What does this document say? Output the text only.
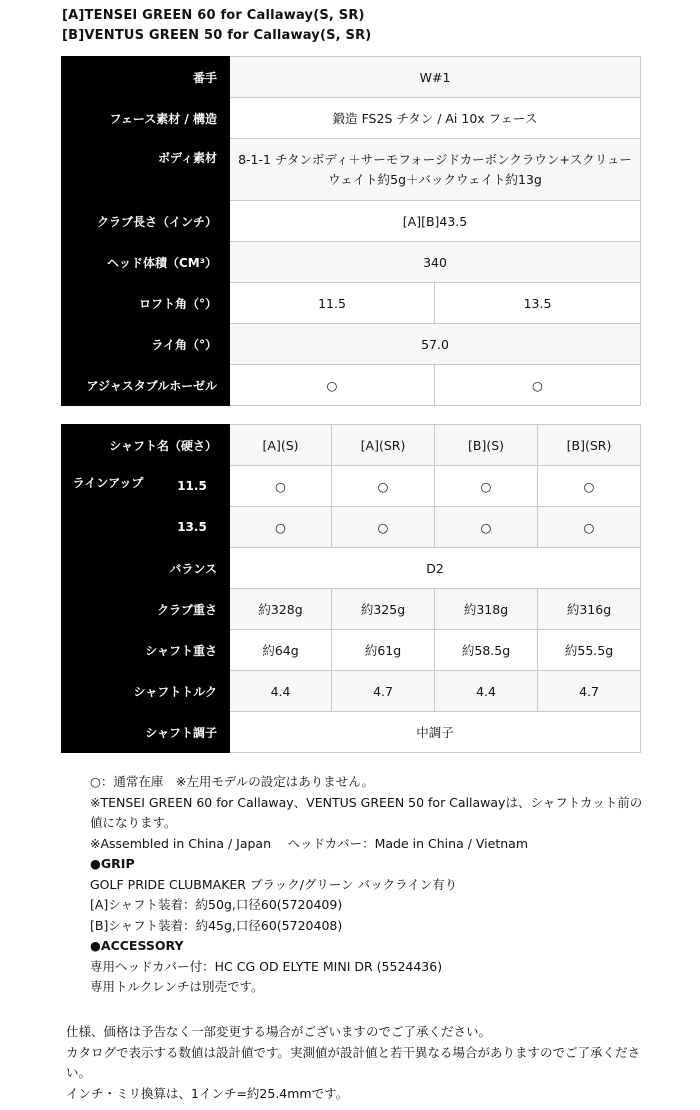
[A]TENSEI GREEN 60 for Callaway(S, SR)
[B]VENTUS GREEN 50 for Callaway(S, SR)
番手	W#1	
フェース素材 / 構造	鍛造 FS2S チタン / Ai 10x フェース	
ボディ素材	8-1-1 チタンボディ＋サーモフォージドカーボンクラウン+スクリューウェイト約5g＋バックウェイト約13g	
クラブ長さ（インチ）	[A][B]43.5	
ヘッド体積（CM³）	340	
ロフト角（°）	11.5	13.5
ライ角（°）	57.0	
アジャスタブルホーゼル	○	○
シャフト名（硬さ）		[A](S)	[A](SR)	[B](S)	[B](SR)
ラインアップ	11.5	○	○	○	○
	13.5	○	○	○	○
バランス		D2			
クラブ重さ		約328g	約325g	約318g	約316g
シャフト重さ		約64g	約61g	約58.5g	約55.5g
シャフトトルク		4.4	4.7	4.4	4.7
シャフト調子		中調子			
○：通常在庫　※左用モデルの設定はありません。
※TENSEI GREEN 60 for Callaway、VENTUS GREEN 50 for Callawayは、シャフトカット前の値になります。
※Assembled in China / Japan　 ヘッドカバー：Made in China / Vietnam
●GRIP
GOLF PRIDE CLUBMAKER ブラック/グリーン バックライン有り
[A]シャフト装着：約50g,口径60(5720409)
[B]シャフト装着：約45g,口径60(5720408)
●ACCESSORY
専用ヘッドカバー付：HC CG OD ELYTE MINI DR (5524436)
専用トルクレンチは別売です。
仕様、価格は予告なく一部変更する場合がございますのでご了承ください。
カタログで表示する数値は設計値です。実測値が設計値と若干異なる場合がありますのでご了承ください。
インチ・ミリ換算は、1インチ=約25.4mmです。
